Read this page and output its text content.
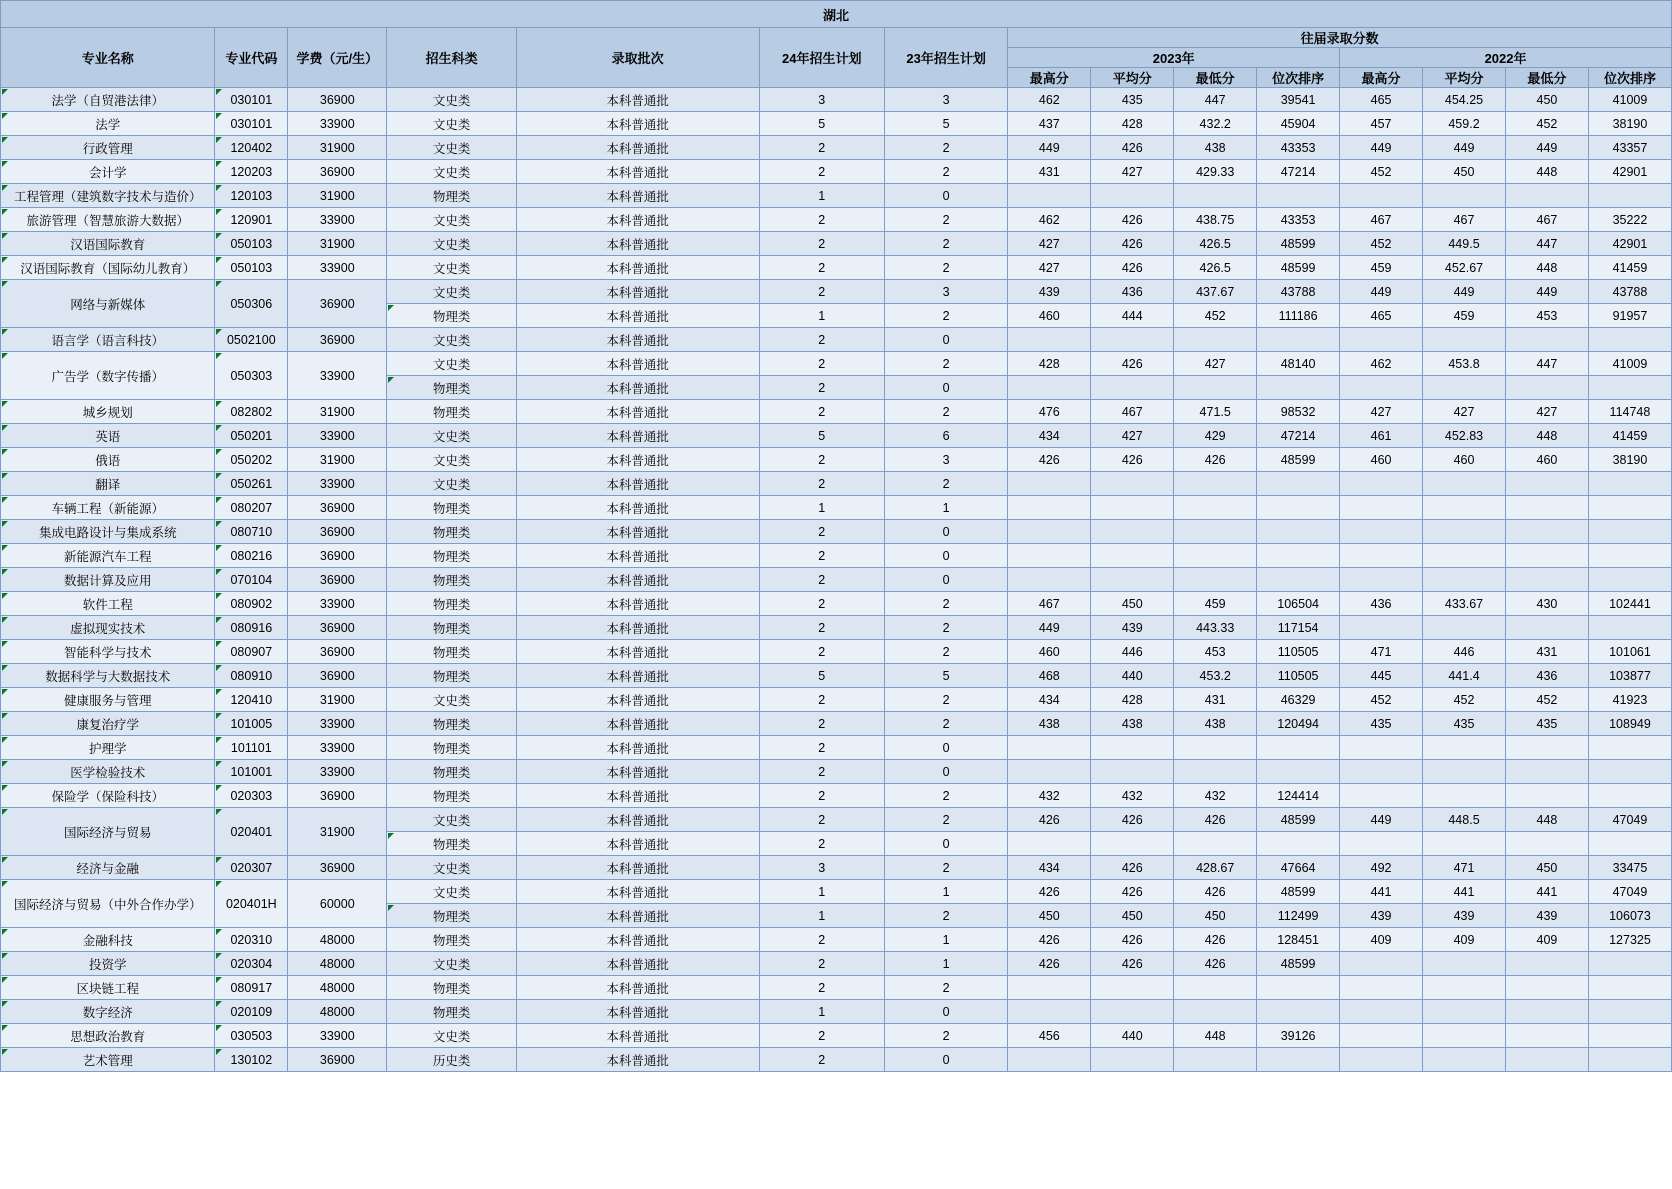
湖北														
专业名称	专业代码	学费（元/生）	招生科类	录取批次	24年招生计划	23年招生计划	往届录取分数							
							2023年				2022年			
							最高分	平均分	最低分	位次排序	最高分	平均分	最低分	位次排序
法学（自贸港法律）	030101	36900	文史类	本科普通批	3	3	462	435	447	39541	465	454.25	450	41009
法学	030101	33900	文史类	本科普通批	5	5	437	428	432.2	45904	457	459.2	452	38190
行政管理	120402	31900	文史类	本科普通批	2	2	449	426	438	43353	449	449	449	43357
会计学	120203	36900	文史类	本科普通批	2	2	431	427	429.33	47214	452	450	448	42901
工程管理（建筑数字技术与造价）	120103	31900	物理类	本科普通批	1	0								
旅游管理（智慧旅游大数据）	120901	33900	文史类	本科普通批	2	2	462	426	438.75	43353	467	467	467	35222
汉语国际教育	050103	31900	文史类	本科普通批	2	2	427	426	426.5	48599	452	449.5	447	42901
汉语国际教育（国际幼儿教育）	050103	33900	文史类	本科普通批	2	2	427	426	426.5	48599	459	452.67	448	41459
网络与新媒体	050306	36900	文史类	本科普通批	2	3	439	436	437.67	43788	449	449	449	43788
			物理类	本科普通批	1	2	460	444	452	111186	465	459	453	91957
语言学（语言科技）	0502100	36900	文史类	本科普通批	2	0								
广告学（数字传播）	050303	33900	文史类	本科普通批	2	2	428	426	427	48140	462	453.8	447	41009
			物理类	本科普通批	2	0								
城乡规划	082802	31900	物理类	本科普通批	2	2	476	467	471.5	98532	427	427	427	114748
英语	050201	33900	文史类	本科普通批	5	6	434	427	429	47214	461	452.83	448	41459
俄语	050202	31900	文史类	本科普通批	2	3	426	426	426	48599	460	460	460	38190
翻译	050261	33900	文史类	本科普通批	2	2								
车辆工程（新能源）	080207	36900	物理类	本科普通批	1	1								
集成电路设计与集成系统	080710	36900	物理类	本科普通批	2	0								
新能源汽车工程	080216	36900	物理类	本科普通批	2	0								
数据计算及应用	070104	36900	物理类	本科普通批	2	0								
软件工程	080902	33900	物理类	本科普通批	2	2	467	450	459	106504	436	433.67	430	102441
虚拟现实技术	080916	36900	物理类	本科普通批	2	2	449	439	443.33	117154				
智能科学与技术	080907	36900	物理类	本科普通批	2	2	460	446	453	110505	471	446	431	101061
数据科学与大数据技术	080910	36900	物理类	本科普通批	5	5	468	440	453.2	110505	445	441.4	436	103877
健康服务与管理	120410	31900	文史类	本科普通批	2	2	434	428	431	46329	452	452	452	41923
康复治疗学	101005	33900	物理类	本科普通批	2	2	438	438	438	120494	435	435	435	108949
护理学	101101	33900	物理类	本科普通批	2	0								
医学检验技术	101001	33900	物理类	本科普通批	2	0								
保险学（保险科技）	020303	36900	物理类	本科普通批	2	2	432	432	432	124414				
国际经济与贸易	020401	31900	文史类	本科普通批	2	2	426	426	426	48599	449	448.5	448	47049
			物理类	本科普通批	2	0								
经济与金融	020307	36900	文史类	本科普通批	3	2	434	426	428.67	47664	492	471	450	33475
国际经济与贸易（中外合作办学）	020401H	60000	文史类	本科普通批	1	1	426	426	426	48599	441	441	441	47049
			物理类	本科普通批	1	2	450	450	450	112499	439	439	439	106073
金融科技	020310	48000	物理类	本科普通批	2	1	426	426	426	128451	409	409	409	127325
投资学	020304	48000	文史类	本科普通批	2	1	426	426	426	48599				
区块链工程	080917	48000	物理类	本科普通批	2	2								
数字经济	020109	48000	物理类	本科普通批	1	0								
思想政治教育	030503	33900	文史类	本科普通批	2	2	456	440	448	39126				
艺术管理	130102	36900	历史类	本科普通批	2	0								
